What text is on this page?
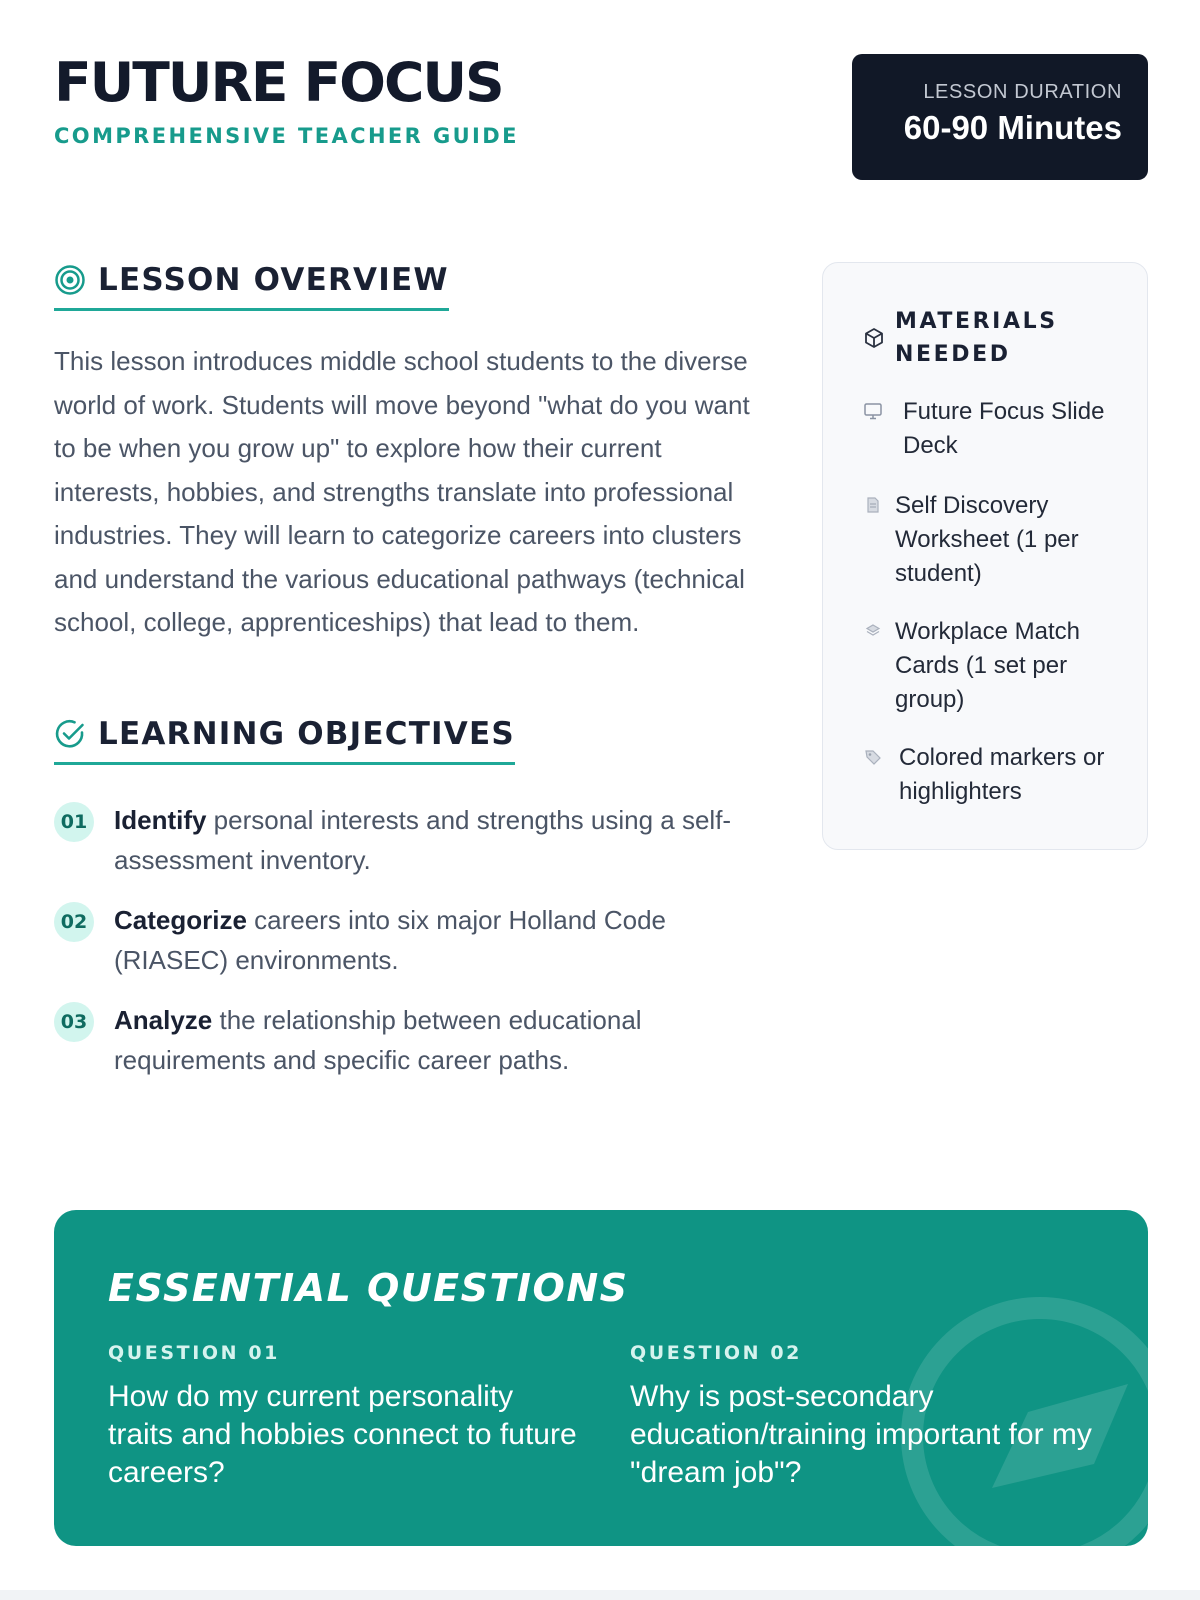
FUTURE FOCUS
COMPREHENSIVE TEACHER GUIDE
LESSON DURATION
60-90 Minutes
LESSON OVERVIEW

This lesson introduces middle school students to the diverse world of work. Students will move beyond "what do you want to be when you grow up" to explore how their current interests, hobbies, and strengths translate into professional industries. They will learn to categorize careers into clusters and understand the various educational pathways (technical school, college, apprenticeships) that lead to them.

LEARNING OBJECTIVES
01 Identify personal interests and strengths using a self-assessment inventory.
02 Categorize careers into six major Holland Code (RIASEC) environments.
03 Analyze the relationship between educational requirements and specific career paths.
MATERIALS NEEDED
Future Focus Slide Deck
Self Discovery Worksheet (1 per student)
Workplace Match Cards (1 set per group)
Colored markers or highlighters
ESSENTIAL QUESTIONS
QUESTION 01
How do my current personality traits and hobbies connect to future careers?
QUESTION 02
Why is post-secondary education/training important for my "dream job"?
